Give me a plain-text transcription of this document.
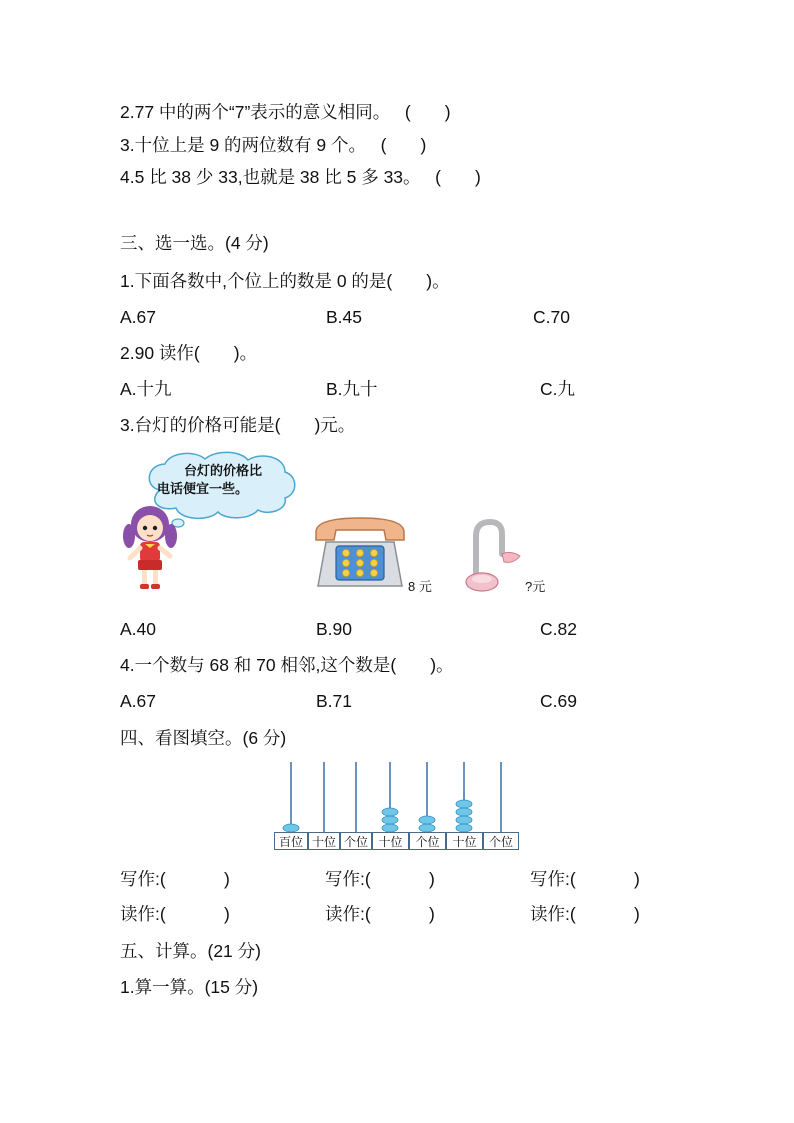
2.77 中的两个“7”表示的意义相同。   (       )
3.十位上是 9 的两位数有 9 个。   (       )
4.5 比 38 少 33,也就是 38 比 5 多 33。   (       )
三、选一选。(4 分)
1.下面各数中,个位上的数是 0 的是(       )。
A.67	B.45	C.70
2.90 读作(       )。
A.十九	B.九十	C.九
3.台灯的价格可能是(       )元。
台灯的价格比
电话便宜一些。
8 元	?元
A.40	B.90	C.82
4.一个数与 68 和 70 相邻,这个数是(       )。
A.67	B.71	C.69
四、看图填空。(6 分)
百位 十位 个位 十位	个位	十位	个位
写作:(            )	写作:(            )	写作:(            )
读作:(            )	读作:(            )	读作:(            )
五、计算。(21 分)
1.算一算。(15 分)
